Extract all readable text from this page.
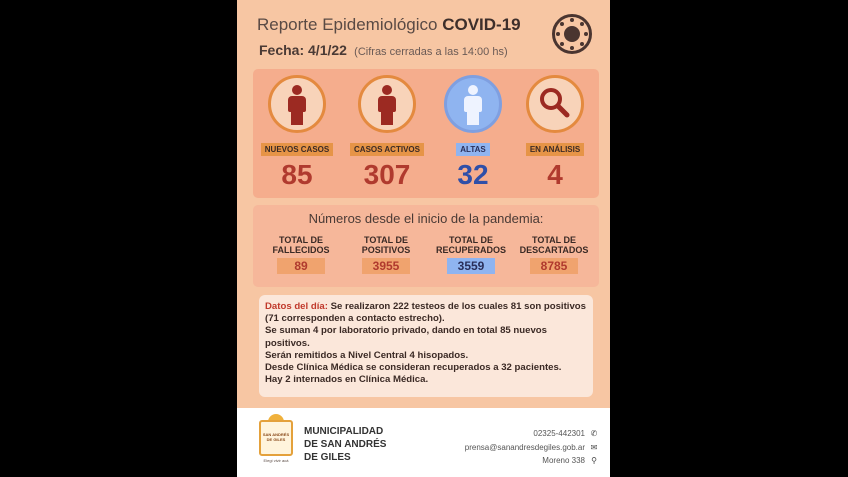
Reporte Epidemiológico COVID-19
Fecha: 4/1/22 (Cifras cerradas a las 14:00 hs)
NUEVOS CASOS
85
CASOS ACTIVOS
307
ALTAS
32
EN ANÁLISIS
4
Números desde el inicio de la pandemia:
TOTAL DE FALLECIDOS
89
TOTAL DE POSITIVOS
3955
TOTAL DE RECUPERADOS
3559
TOTAL DE DESCARTADOS
8785
Datos del día: Se realizaron 222 testeos de los cuales 81 son positivos (71 corresponden a contacto estrecho).
Se suman 4 por laboratorio privado, dando en total 85 nuevos positivos.
Serán remitidos a Nivel Central 4 hisopados.
Desde Clínica Médica se consideran recuperados a 32 pacientes.
Hay 2 internados en Clínica Médica.
SAN ANDRÉS DE GILES
Elegí vivir acá
MUNICIPALIDAD
DE SAN ANDRÉS
DE GILES
02325-442301 ✆
prensa@sanandresdegiles.gob.ar ✉
Moreno 338 ⚲
